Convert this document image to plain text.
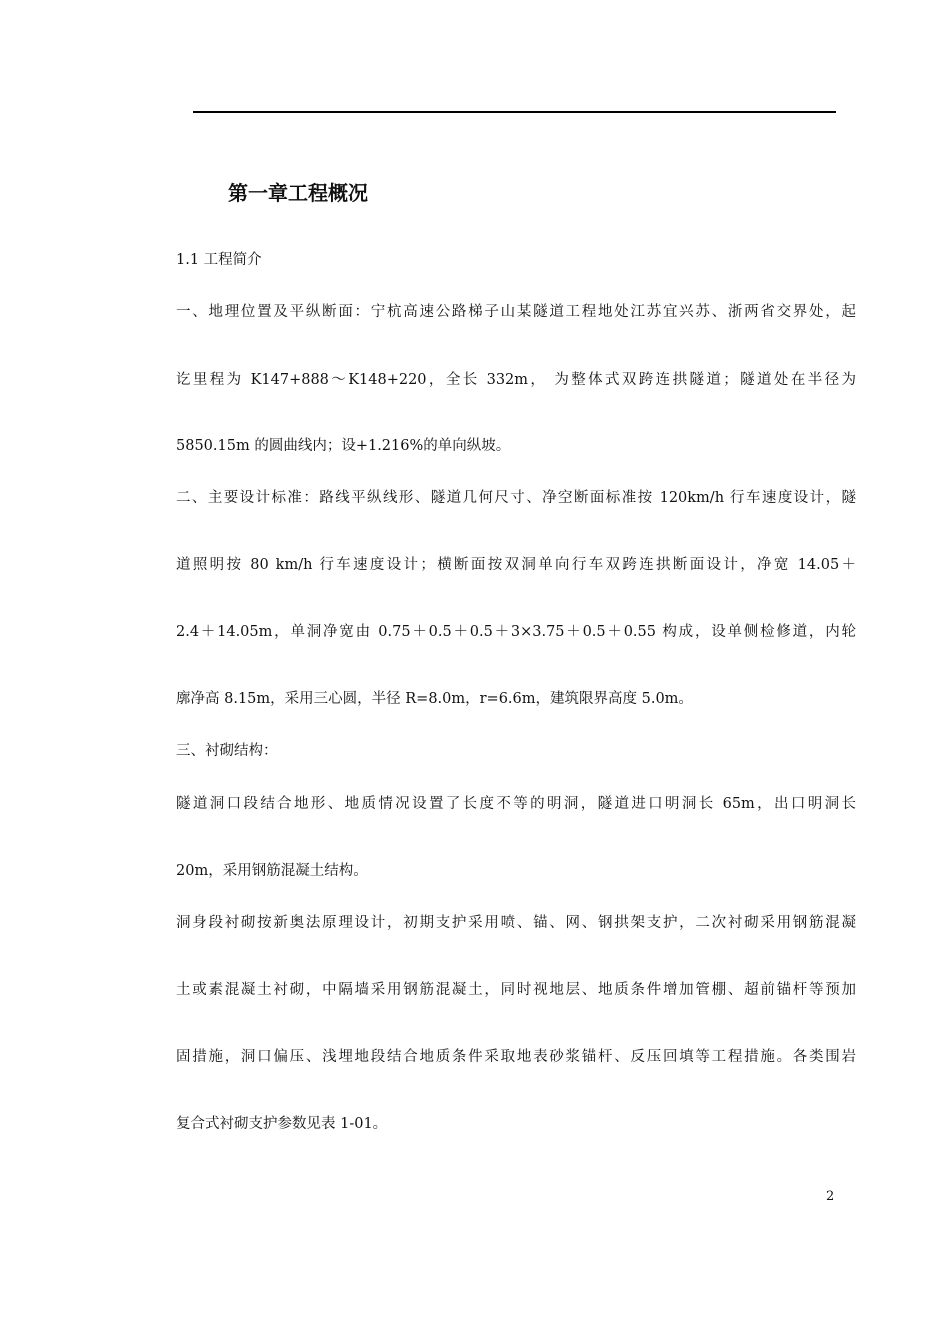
第一章工程概况
1.1 工程简介
一、地理位置及平纵断面：宁杭高速公路梯子山某隧道工程地处江苏宜兴苏、浙两省交界处，起
讫里程为 K147+888～K148+220，全长 332m， 为整体式双跨连拱隧道；隧道处在半径为
5850.15m 的圆曲线内；设+1.216%的单向纵坡。
二、主要设计标准：路线平纵线形、隧道几何尺寸、净空断面标准按 120km/h 行车速度设计，隧
道照明按 80 km/h 行车速度设计；横断面按双洞单向行车双跨连拱断面设计，净宽 14.05＋
2.4＋14.05m，单洞净宽由 0.75＋0.5＋0.5＋3×3.75＋0.5＋0.55 构成，设单侧检修道，内轮
廓净高 8.15m，采用三心圆，半径 R=8.0m，r=6.6m，建筑限界高度 5.0m。
三、衬砌结构：
隧道洞口段结合地形、地质情况设置了长度不等的明洞，隧道进口明洞长 65m，出口明洞长
20m，采用钢筋混凝土结构。
洞身段衬砌按新奥法原理设计，初期支护采用喷、锚、网、钢拱架支护，二次衬砌采用钢筋混凝
土或素混凝土衬砌，中隔墙采用钢筋混凝土，同时视地层、地质条件增加管棚、超前锚杆等预加
固措施，洞口偏压、浅埋地段结合地质条件采取地表砂浆锚杆、反压回填等工程措施。各类围岩
复合式衬砌支护参数见表 1-01。
2
